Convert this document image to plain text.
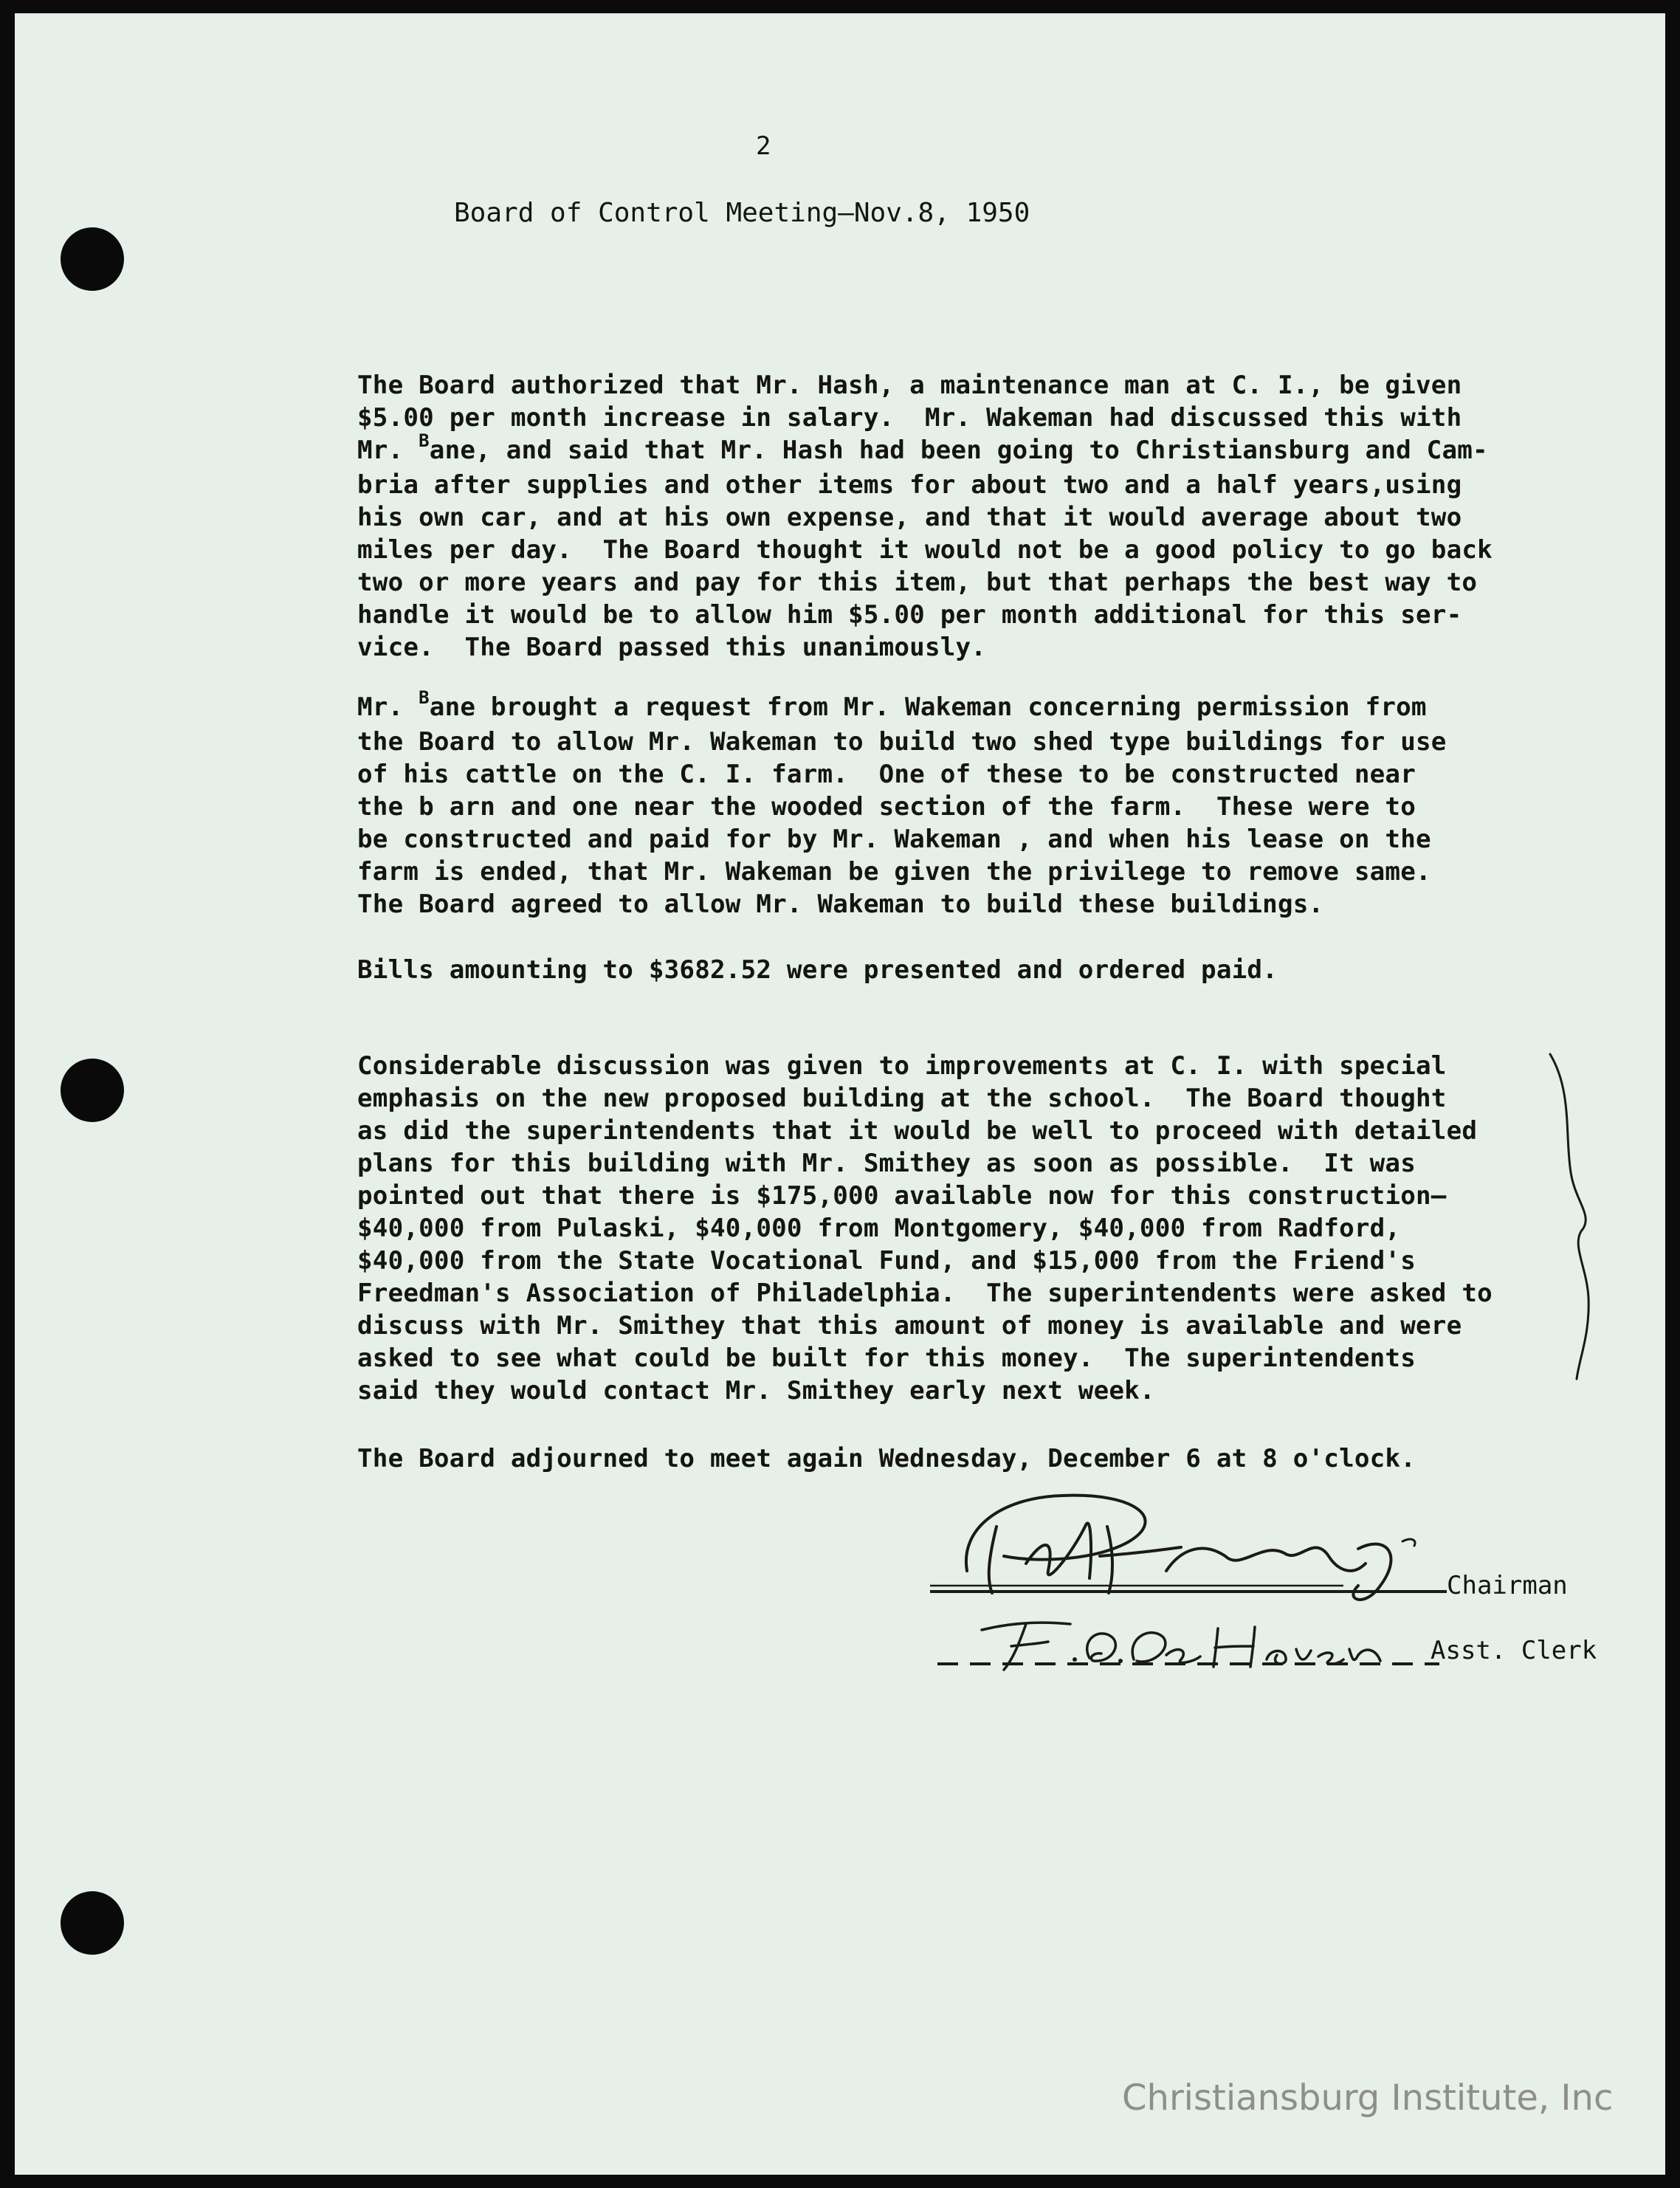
2
Board of Control Meeting—Nov.8, 1950
The Board authorized that Mr. Hash, a maintenance man at C. I., be given
$5.00 per month increase in salary.  Mr. Wakeman had discussed this with
Mr. $^B$ane, and said that Mr. Hash had been going to Christiansburg and Cam-
bria after supplies and other items for about two and a half years,using
his own car, and at his own expense, and that it would average about two
miles per day.  The Board thought it would not be a good policy to go back
two or more years and pay for this item, but that perhaps the best way to
handle it would be to allow him $5.00 per month additional for this ser-
vice.  The Board passed this unanimously.
Mr. $^B$ane brought a request from Mr. Wakeman concerning permission from
the Board to allow Mr. Wakeman to build two shed type buildings for use
of his cattle on the C. I. farm.  One of these to be constructed near
the b arn and one near the wooded section of the farm.  These were to
be constructed and paid for by Mr. Wakeman , and when his lease on the
farm is ended, that Mr. Wakeman be given the privilege to remove same.
The Board agreed to allow Mr. Wakeman to build these buildings.
Bills amounting to $3682.52 were presented and ordered paid.
Considerable discussion was given to improvements at C. I. with special
emphasis on the new proposed building at the school.  The Board thought
as did the superintendents that it would be well to proceed with detailed
plans for this building with Mr. Smithey as soon as possible.  It was
pointed out that there is $175,000 available now for this construction—
$40,000 from Pulaski, $40,000 from Montgomery, $40,000 from Radford,
$40,000 from the State Vocational Fund, and $15,000 from the Friend's
Freedman's Association of Philadelphia.  The superintendents were asked to
discuss with Mr. Smithey that this amount of money is available and were
asked to see what could be built for this money.  The superintendents
said they would contact Mr. Smithey early next week.
The Board adjourned to meet again Wednesday, December 6 at 8 o'clock.
Chairman
Asst. Clerk
Christiansburg Institute, Inc
